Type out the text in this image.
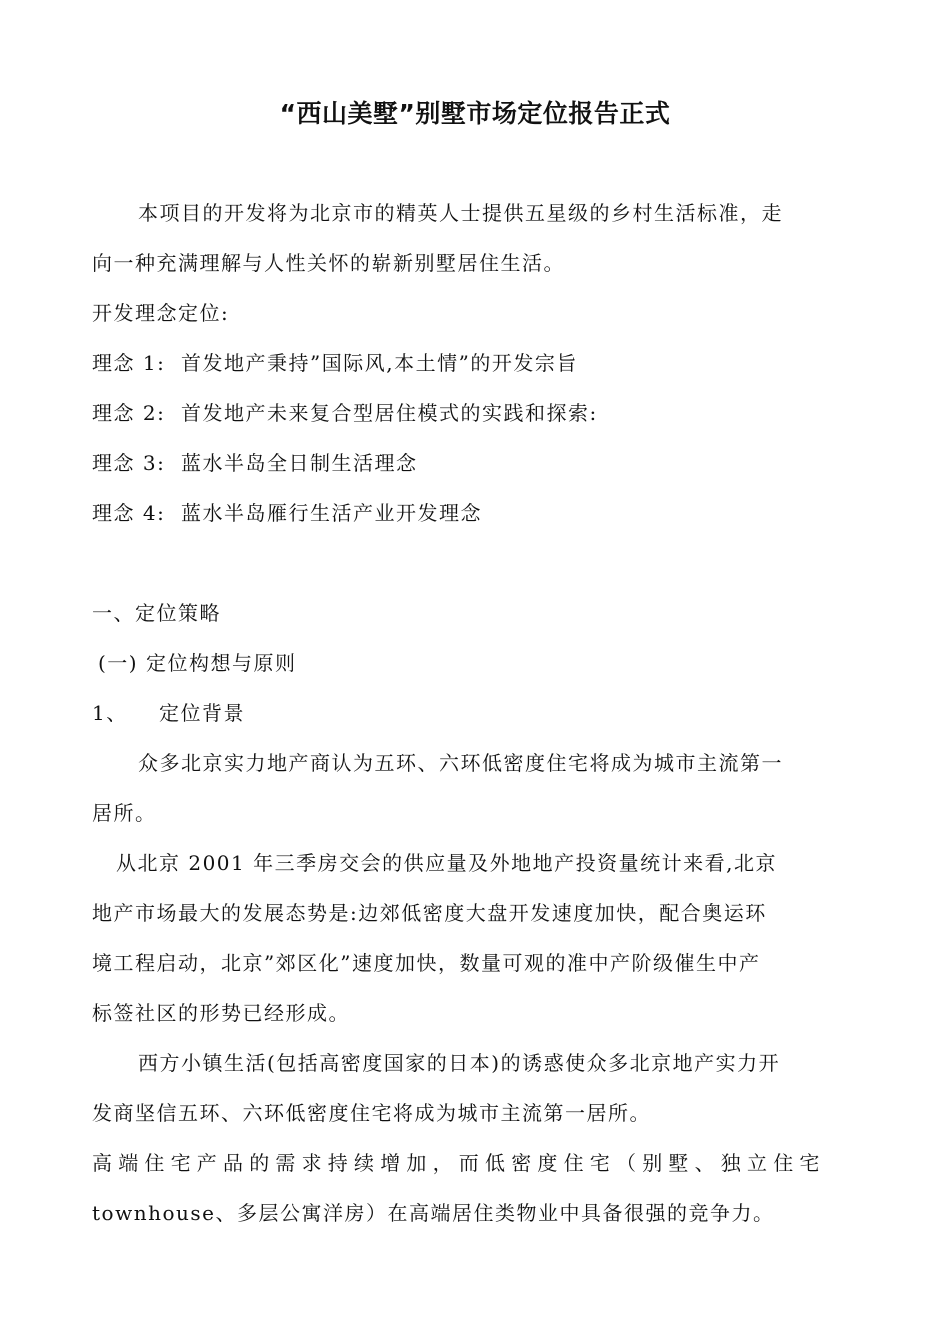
“西山美墅”别墅市场定位报告正式
本项目的开发将为北京市的精英人士提供五星级的乡村生活标准，走
向一种充满理解与人性关怀的崭新别墅居住生活。
开发理念定位:
理念 1:  首发地产秉持”国际风,本土情”的开发宗旨
理念 2:  首发地产未来复合型居住模式的实践和探索:
理念 3:  蓝水半岛全日制生活理念
理念 4:  蓝水半岛雁行生活产业开发理念
一、定位策略
(一) 定位构想与原则
1、 定位背景
众多北京实力地产商认为五环、六环低密度住宅将成为城市主流第一
居所。
从北京 2001 年三季房交会的供应量及外地地产投资量统计来看,北京
地产市场最大的发展态势是:边郊低密度大盘开发速度加快，配合奥运环
境工程启动，北京”郊区化”速度加快，数量可观的准中产阶级催生中产
标签社区的形势已经形成。
西方小镇生活(包括高密度国家的日本)的诱惑使众多北京地产实力开
发商坚信五环、六环低密度住宅将成为城市主流第一居所。
高端住宅产品的需求持续增加，而低密度住宅（别墅、独立住宅
townhouse、多层公寓洋房）在高端居住类物业中具备很强的竞争力。
